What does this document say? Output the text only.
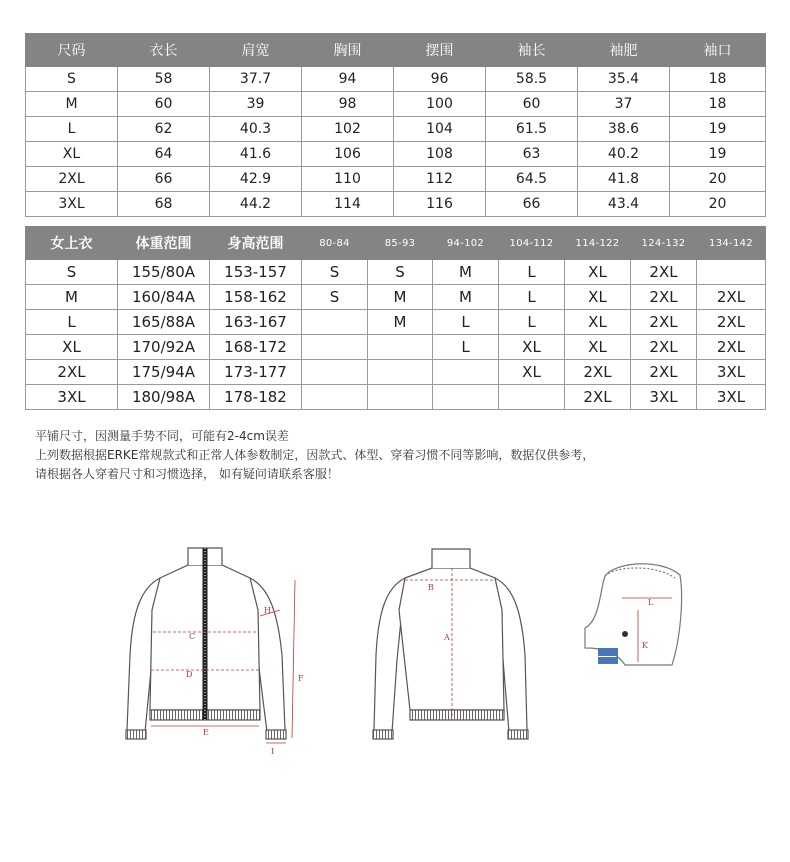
尺码	衣长	肩宽	胸围	摆围	袖长	袖肥	袖口
S	58	37.7	94	96	58.5	35.4	18
M	60	39	98	100	60	37	18
L	62	40.3	102	104	61.5	38.6	19
XL	64	41.6	106	108	63	40.2	19
2XL	66	42.9	110	112	64.5	41.8	20
3XL	68	44.2	114	116	66	43.4	20
女上衣	体重范围	身高范围	80-84	85-93	94-102	104-112	114-122	124-132	134-142
S	155/80A	153-157	S	S	M	L	XL	2XL	
M	160/84A	158-162	S	M	M	L	XL	2XL	2XL
L	165/88A	163-167		M	L	L	XL	2XL	2XL
XL	170/92A	168-172			L	XL	XL	2XL	2XL
2XL	175/94A	173-177				XL	2XL	2XL	3XL
3XL	180/98A	178-182					2XL	3XL	3XL
平铺尺寸，因测量手势不同，可能有2-4cm误差
上列数据根据ERKE常规款式和正常人体参数制定，因款式、体型、穿着习惯不同等影响，数据仅供参考，
请根据各人穿着尺寸和习惯选择， 如有疑问请联系客服！
C
D
E
F
H
I
B
A
L
K
